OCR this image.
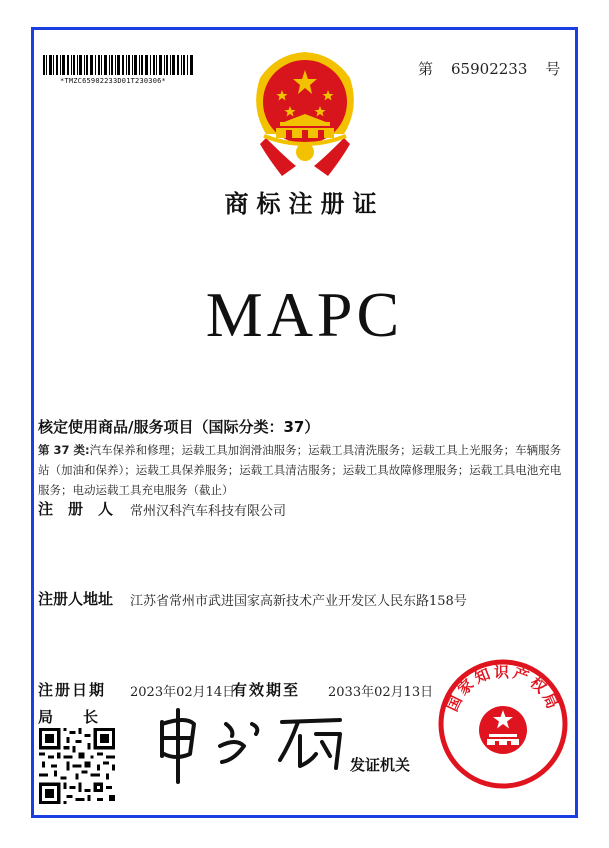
*TMZC65902233D01T230306*
第 65902233 号
商标注册证
MAPC
核定使用商品/服务项目（国际分类：37）
第 37 类:汽车保养和修理；运载工具加润滑油服务；运载工具清洗服务；运载工具上光服务；车辆服务站（加油和保养）；运载工具保养服务；运载工具清洁服务；运载工具故障修理服务；运载工具电池充电服务；电动运载工具充电服务（截止）
注　册　人 常州汉科汽车科技有限公司
注册人地址 江苏省常州市武进国家高新技术产业开发区人民东路158号
注册日期 2023年02月14日
有效期至 2033年02月13日
局　　长
发证机关
国家知识产权局
